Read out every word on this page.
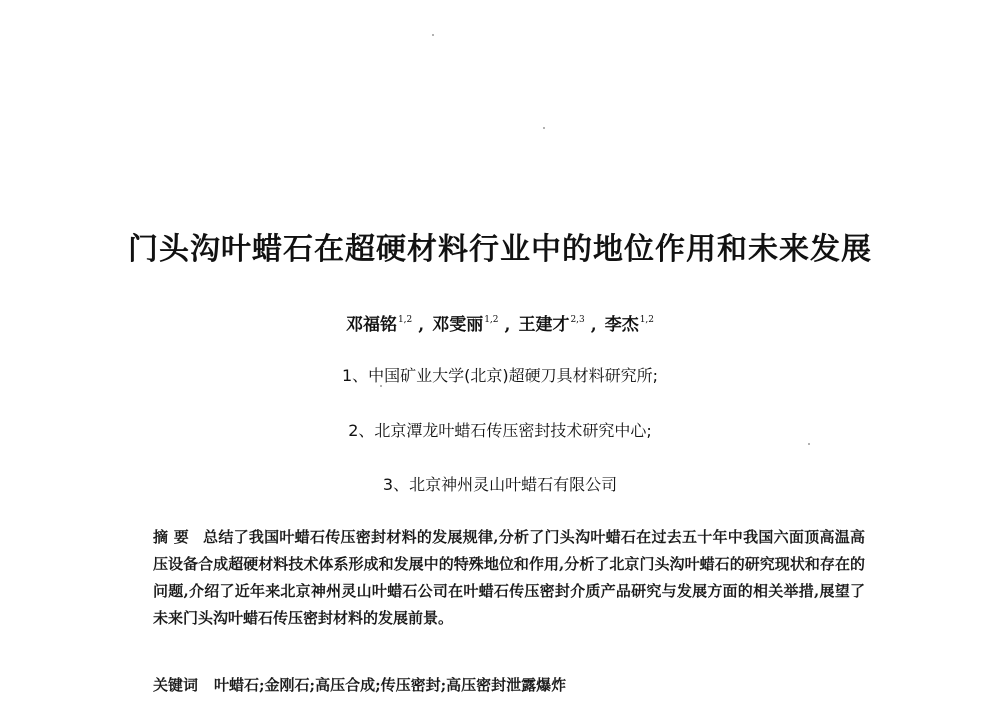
门头沟叶蜡石在超硬材料行业中的地位作用和未来发展
邓福铭$^{1,2}$ , 邓雯丽$^{1,2}$ , 王建才$^{2,3}$ , 李杰$^{1,2}$
1、中国矿业大学(北京)超硬刀具材料研究所;
2、北京潭龙叶蜡石传压密封技术研究中心;
3、北京神州灵山叶蜡石有限公司
摘 要 总结了我国叶蜡石传压密封材料的发展规律,分析了门头沟叶蜡石在过去五十年中我国六面顶高温高压设备合成超硬材料技术体系形成和发展中的特殊地位和作用,分析了北京门头沟叶蜡石的研究现状和存在的问题,介绍了近年来北京神州灵山叶蜡石公司在叶蜡石传压密封介质产品研究与发展方面的相关举措,展望了未来门头沟叶蜡石传压密封材料的发展前景。
关键词 叶蜡石;金刚石;高压合成;传压密封;高压密封泄露爆炸
